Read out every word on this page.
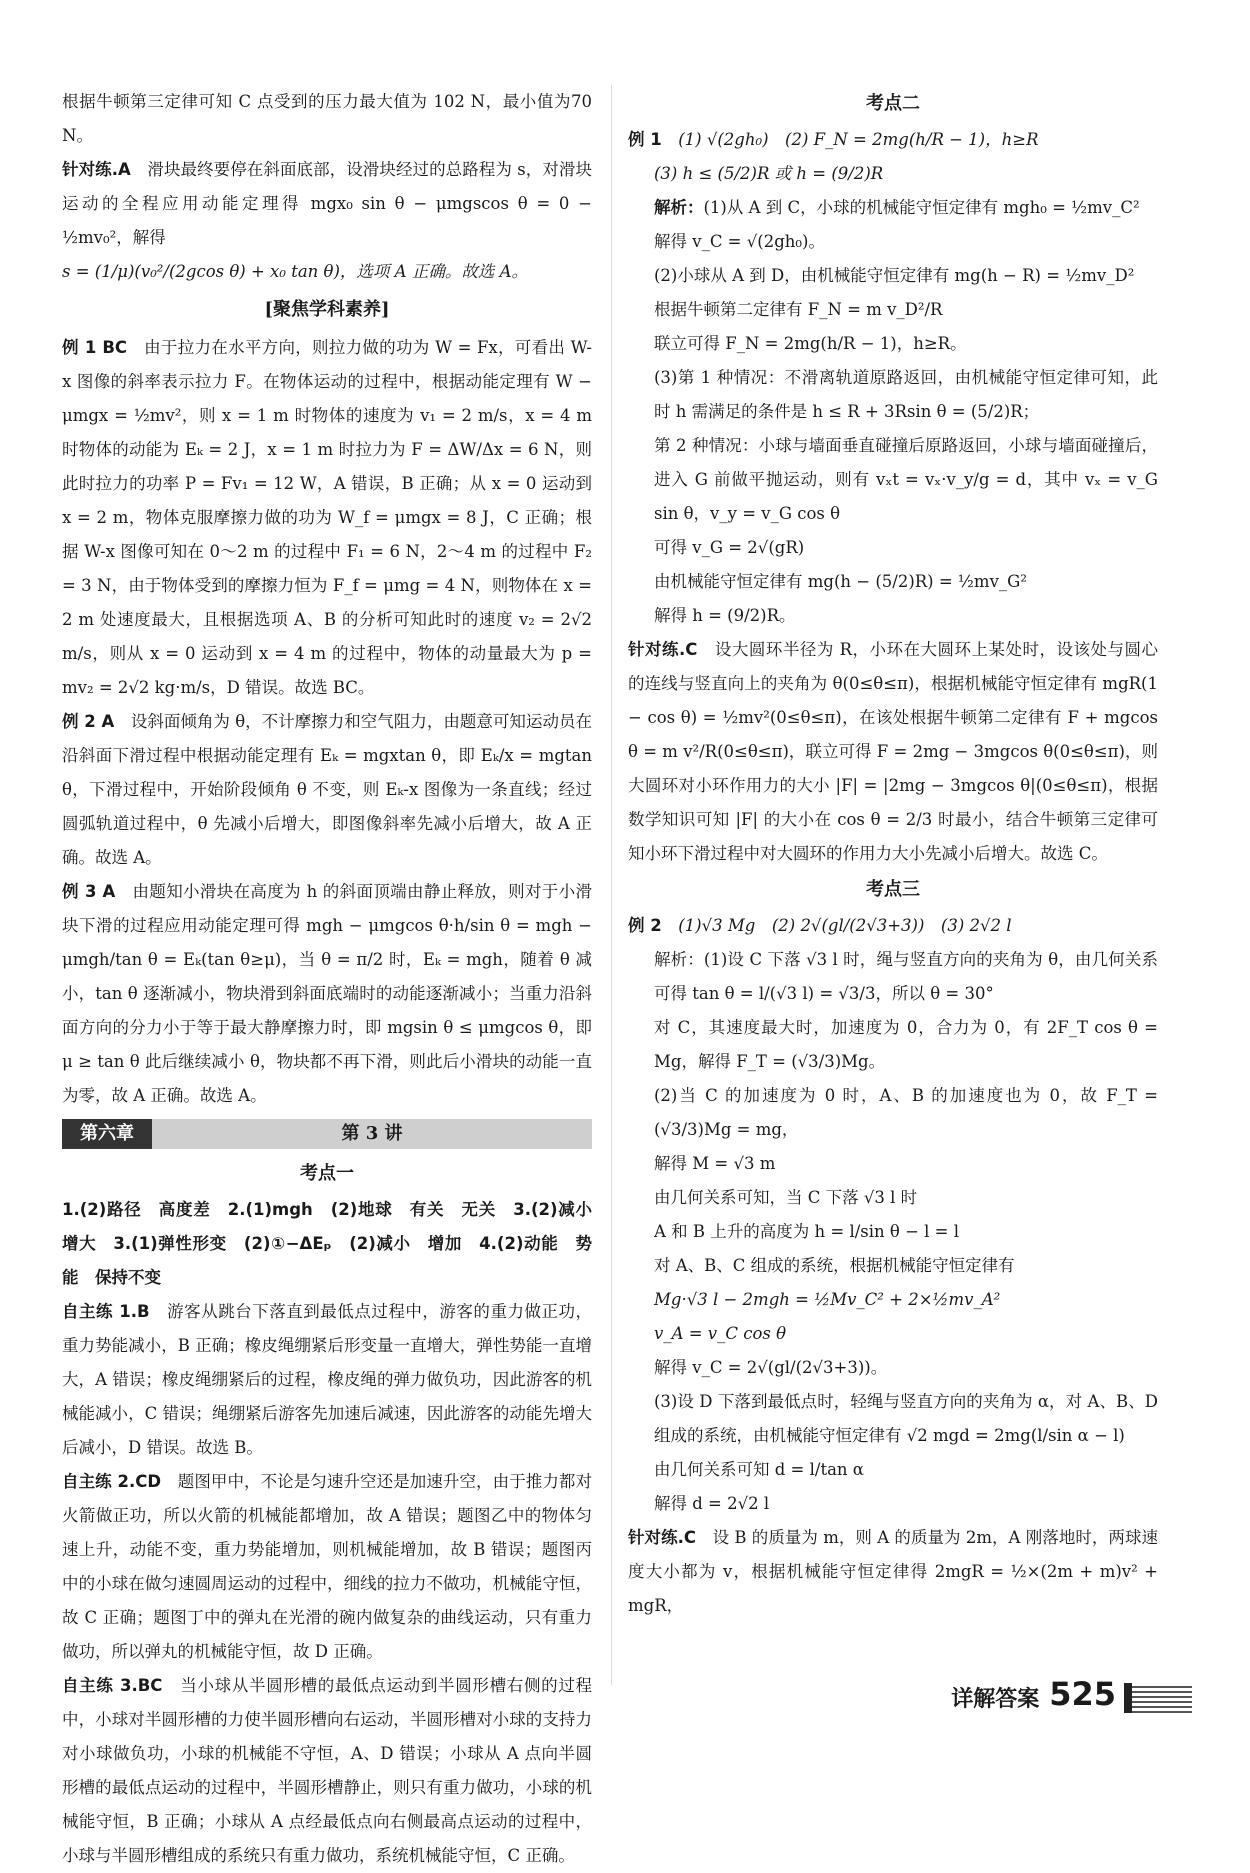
根据牛顿第三定律可知 C 点受到的压力最大值为 102 N，最小值为70 N。

针对练.A　 滑块最终要停在斜面底部，设滑块经过的总路程为 s，对滑块运动的全程应用动能定理得 mgx₀ sin θ − μmgscos θ = 0 − ½mv₀²，解得

s = (1/μ)(v₀²/(2gcos θ) + x₀ tan θ)，选项 A 正确。故选 A。

[聚焦学科素养]

例 1 BC　 由于拉力在水平方向，则拉力做的功为 W = Fx，可看出 W-x 图像的斜率表示拉力 F。在物体运动的过程中，根据动能定理有 W − μmgx = ½mv²，则 x = 1 m 时物体的速度为 v₁ = 2 m/s，x = 4 m 时物体的动能为 Eₖ = 2 J，x = 1 m 时拉力为 F = ΔW/Δx = 6 N，则此时拉力的功率 P = Fv₁ = 12 W，A 错误，B 正确；从 x = 0 运动到 x = 2 m，物体克服摩擦力做的功为 W_f = μmgx = 8 J，C 正确；根据 W-x 图像可知在 0～2 m 的过程中 F₁ = 6 N，2～4 m 的过程中 F₂ = 3 N，由于物体受到的摩擦力恒为 F_f = μmg = 4 N，则物体在 x = 2 m 处速度最大，且根据选项 A、B 的分析可知此时的速度 v₂ = 2√2 m/s，则从 x = 0 运动到 x = 4 m 的过程中，物体的动量最大为 p = mv₂ = 2√2 kg·m/s，D 错误。故选 BC。

例 2 A　 设斜面倾角为 θ，不计摩擦力和空气阻力，由题意可知运动员在沿斜面下滑过程中根据动能定理有 Eₖ = mgxtan θ，即 Eₖ/x = mgtan θ，下滑过程中，开始阶段倾角 θ 不变，则 Eₖ-x 图像为一条直线；经过圆弧轨道过程中，θ 先减小后增大，即图像斜率先减小后增大，故 A 正确。故选 A。

例 3 A　 由题知小滑块在高度为 h 的斜面顶端由静止释放，则对于小滑块下滑的过程应用动能定理可得 mgh − μmgcos θ·h/sin θ = mgh − μmgh/tan θ = Eₖ(tan θ≥μ)，当 θ = π/2 时，Eₖ = mgh，随着 θ 减小，tan θ 逐渐减小，物块滑到斜面底端时的动能逐渐减小；当重力沿斜面方向的分力小于等于最大静摩擦力时，即 mgsin θ ≤ μmgcos θ，即 μ ≥ tan θ 此后继续减小 θ，物块都不再下滑，则此后小滑块的动能一直为零，故 A 正确。故选 A。

第六章	第 3 讲
考点一

1.(2)路径　高度差　2.(1)mgh　(2)地球　有关　无关　3.(2)减小　增大　3.(1)弹性形变　(2)①−ΔEₚ　(2)减小　增加　4.(2)动能　势能　保持不变

自主练 1.B　 游客从跳台下落直到最低点过程中，游客的重力做正功，重力势能减小，B 正确；橡皮绳绷紧后形变量一直增大，弹性势能一直增大，A 错误；橡皮绳绷紧后的过程，橡皮绳的弹力做负功，因此游客的机械能减小，C 错误；绳绷紧后游客先加速后减速，因此游客的动能先增大后减小，D 错误。故选 B。

自主练 2.CD　 题图甲中，不论是匀速升空还是加速升空，由于推力都对火箭做正功，所以火箭的机械能都增加，故 A 错误；题图乙中的物体匀速上升，动能不变，重力势能增加，则机械能增加，故 B 错误；题图丙中的小球在做匀速圆周运动的过程中，细线的拉力不做功，机械能守恒，故 C 正确；题图丁中的弹丸在光滑的碗内做复杂的曲线运动，只有重力做功，所以弹丸的机械能守恒，故 D 正确。

自主练 3.BC　 当小球从半圆形槽的最低点运动到半圆形槽右侧的过程中，小球对半圆形槽的力使半圆形槽向右运动，半圆形槽对小球的支持力对小球做负功，小球的机械能不守恒，A、D 错误；小球从 A 点向半圆形槽的最低点运动的过程中，半圆形槽静止，则只有重力做功，小球的机械能守恒，B 正确；小球从 A 点经最低点向右侧最高点运动的过程中，小球与半圆形槽组成的系统只有重力做功，系统机械能守恒，C 正确。

考点二

例 1　 (1) √(2gh₀)　(2) F_N = 2mg(h/R − 1)，h≥R

(3) h ≤ (5/2)R 或 h = (9/2)R

解析：(1)从 A 到 C，小球的机械能守恒定律有 mgh₀ = ½mv_C²

解得 v_C = √(2gh₀)。

(2)小球从 A 到 D，由机械能守恒定律有 mg(h − R) = ½mv_D²

根据牛顿第二定律有 F_N = m v_D²/R

联立可得 F_N = 2mg(h/R − 1)，h≥R。

(3)第 1 种情况：不滑离轨道原路返回，由机械能守恒定律可知，此时 h 需满足的条件是 h ≤ R + 3Rsin θ = (5/2)R；

第 2 种情况：小球与墙面垂直碰撞后原路返回，小球与墙面碰撞后，进入 G 前做平抛运动，则有 vₓt = vₓ·v_y/g = d，其中 vₓ = v_G sin θ，v_y = v_G cos θ

可得 v_G = 2√(gR)

由机械能守恒定律有 mg(h − (5/2)R) = ½mv_G²

解得 h = (9/2)R。

针对练.C　 设大圆环半径为 R，小环在大圆环上某处时，设该处与圆心的连线与竖直向上的夹角为 θ(0≤θ≤π)，根据机械能守恒定律有 mgR(1 − cos θ) = ½mv²(0≤θ≤π)，在该处根据牛顿第二定律有 F + mgcos θ = m v²/R(0≤θ≤π)，联立可得 F = 2mg − 3mgcos θ(0≤θ≤π)，则大圆环对小环作用力的大小 |F| = |2mg − 3mgcos θ|(0≤θ≤π)，根据数学知识可知 |F| 的大小在 cos θ = 2/3 时最小，结合牛顿第三定律可知小环下滑过程中对大圆环的作用力大小先减小后增大。故选 C。

考点三

例 2　 (1)√3 Mg　(2) 2√(gl/(2√3+3))　(3) 2√2 l

解析：(1)设 C 下落 √3 l 时，绳与竖直方向的夹角为 θ，由几何关系可得 tan θ = l/(√3 l) = √3/3，所以 θ = 30°

对 C，其速度最大时，加速度为 0，合力为 0，有 2F_T cos θ = Mg，解得 F_T = (√3/3)Mg。

(2)当 C 的加速度为 0 时，A、B 的加速度也为 0，故 F_T = (√3/3)Mg = mg，

解得 M = √3 m

由几何关系可知，当 C 下落 √3 l 时

A 和 B 上升的高度为 h = l/sin θ − l = l

对 A、B、C 组成的系统，根据机械能守恒定律有

Mg·√3 l − 2mgh = ½Mv_C² + 2×½mv_A²

v_A = v_C cos θ

解得 v_C = 2√(gl/(2√3+3))。

(3)设 D 下落到最低点时，轻绳与竖直方向的夹角为 α，对 A、B、D 组成的系统，由机械能守恒定律有 √2 mgd = 2mg(l/sin α − l)

由几何关系可知 d = l/tan α

解得 d = 2√2 l

针对练.C　 设 B 的质量为 m，则 A 的质量为 2m，A 刚落地时，两球速度大小都为 v，根据机械能守恒定律得 2mgR = ½×(2m + m)v² + mgR，

详解答案 525
